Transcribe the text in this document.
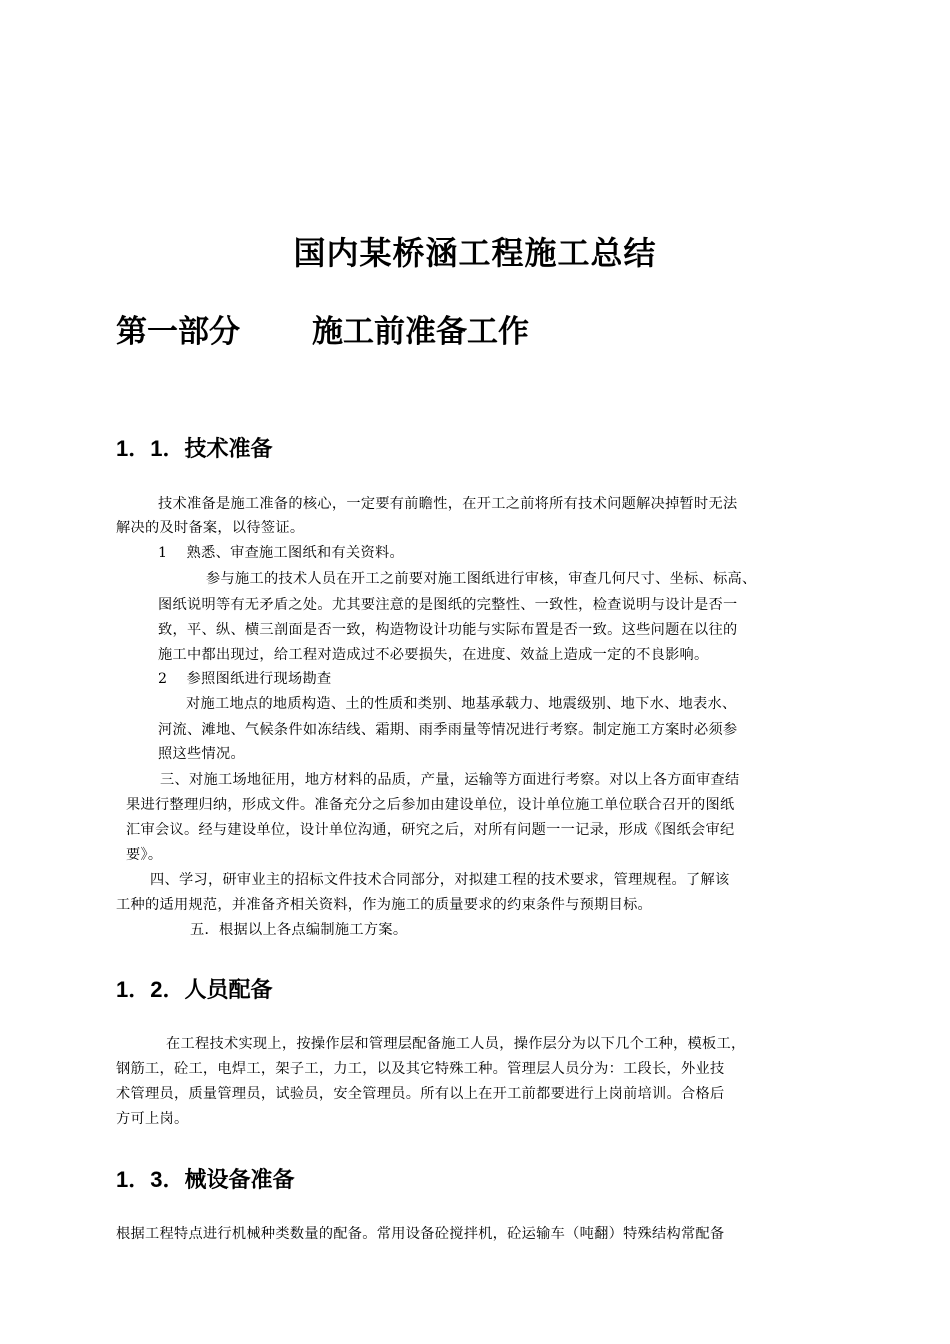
国内某桥涵工程施工总结
第一部分 施工前准备工作
1．1．技术准备
技术准备是施工准备的核心，一定要有前瞻性，在开工之前将所有技术问题解决掉暂时无法
解决的及时备案，以待签证。
1　 熟悉、审查施工图纸和有关资料。
参与施工的技术人员在开工之前要对施工图纸进行审核，审查几何尺寸、坐标、标高、
图纸说明等有无矛盾之处。尤其要注意的是图纸的完整性、一致性，检查说明与设计是否一
致，平、纵、横三剖面是否一致，构造物设计功能与实际布置是否一致。这些问题在以往的
施工中都出现过，给工程对造成过不必要损失，在进度、效益上造成一定的不良影响。
2　 参照图纸进行现场勘查
对施工地点的地质构造、土的性质和类别、地基承载力、地震级别、地下水、地表水、
河流、滩地、气候条件如冻结线、霜期、雨季雨量等情况进行考察。制定施工方案时必须参
照这些情况。
三、对施工场地征用，地方材料的品质，产量，运输等方面进行考察。对以上各方面审查结
果进行整理归纳，形成文件。准备充分之后参加由建设单位，设计单位施工单位联合召开的图纸
汇审会议。经与建设单位，设计单位沟通，研究之后，对所有问题一一记录，形成《图纸会审纪
要》。
四、学习，研审业主的招标文件技术合同部分，对拟建工程的技术要求，管理规程。了解该
工种的适用规范，并准备齐相关资料，作为施工的质量要求的约束条件与预期目标。
五．根据以上各点编制施工方案。
1．2．人员配备
在工程技术实现上，按操作层和管理层配备施工人员，操作层分为以下几个工种，模板工，
钢筋工，砼工，电焊工，架子工，力工，以及其它特殊工种。管理层人员分为：工段长，外业技
术管理员，质量管理员，试验员，安全管理员。所有以上在开工前都要进行上岗前培训。合格后
方可上岗。
1．3．械设备准备
根据工程特点进行机械种类数量的配备。常用设备砼搅拌机，砼运输车（吨翻）特殊结构常配备
